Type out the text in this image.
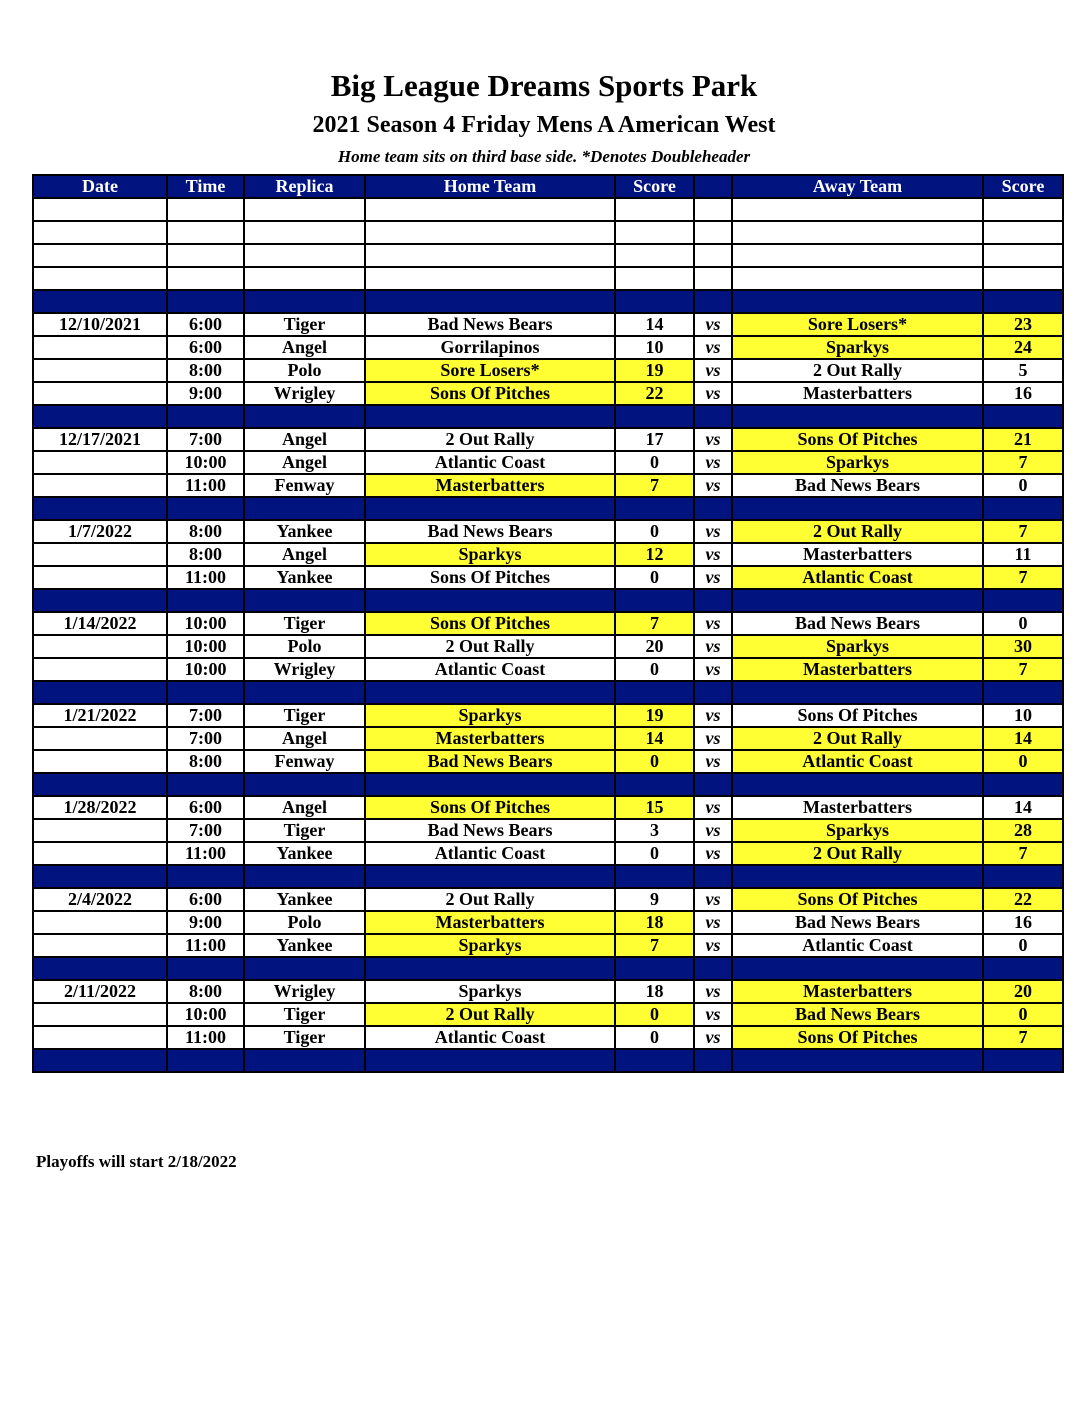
Big League Dreams Sports Park
2021 Season 4 Friday Mens A American West
Home team sits on third base side. *Denotes Doubleheader
Date	Time	Replica	Home Team	Score		Away Team	Score

12/10/2021	6:00	Tiger	Bad News Bears	14	vs	Sore Losers*	23
	6:00	Angel	Gorrilapinos	10	vs	Sparkys	24
	8:00	Polo	Sore Losers*	19	vs	2 Out Rally	5
	9:00	Wrigley	Sons Of Pitches	22	vs	Masterbatters	16

12/17/2021	7:00	Angel	2 Out Rally	17	vs	Sons Of Pitches	21
	10:00	Angel	Atlantic Coast	0	vs	Sparkys	7
	11:00	Fenway	Masterbatters	7	vs	Bad News Bears	0

1/7/2022	8:00	Yankee	Bad News Bears	0	vs	2 Out Rally	7
	8:00	Angel	Sparkys	12	vs	Masterbatters	11
	11:00	Yankee	Sons Of Pitches	0	vs	Atlantic Coast	7

1/14/2022	10:00	Tiger	Sons Of Pitches	7	vs	Bad News Bears	0
	10:00	Polo	2 Out Rally	20	vs	Sparkys	30
	10:00	Wrigley	Atlantic Coast	0	vs	Masterbatters	7

1/21/2022	7:00	Tiger	Sparkys	19	vs	Sons Of Pitches	10
	7:00	Angel	Masterbatters	14	vs	2 Out Rally	14
	8:00	Fenway	Bad News Bears	0	vs	Atlantic Coast	0

1/28/2022	6:00	Angel	Sons Of Pitches	15	vs	Masterbatters	14
	7:00	Tiger	Bad News Bears	3	vs	Sparkys	28
	11:00	Yankee	Atlantic Coast	0	vs	2 Out Rally	7

2/4/2022	6:00	Yankee	2 Out Rally	9	vs	Sons Of Pitches	22
	9:00	Polo	Masterbatters	18	vs	Bad News Bears	16
	11:00	Yankee	Sparkys	7	vs	Atlantic Coast	0

2/11/2022	8:00	Wrigley	Sparkys	18	vs	Masterbatters	20
	10:00	Tiger	2 Out Rally	0	vs	Bad News Bears	0
	11:00	Tiger	Atlantic Coast	0	vs	Sons Of Pitches	7

Playoffs will start 2/18/2022
